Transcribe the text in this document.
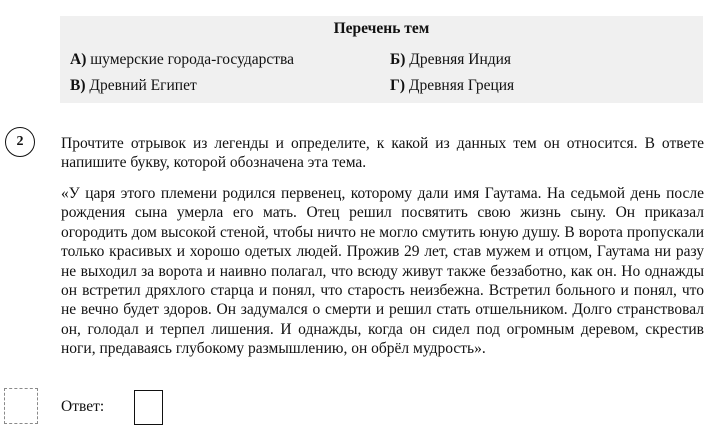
Перечень тем
А) шумерские города-государства	Б) Древняя Индия
В) Древний Египет	Г) Древняя Греция
2	Прочтите отрывок из легенды и определите, к какой из данных тем он относится. В ответе напишите букву, которой обозначена эта тема.

«У царя этого племени родился первенец, которому дали имя Гаутама. На седьмой день после рождения сына умерла его мать. Отец решил посвятить свою жизнь сыну. Он приказал огородить дом высокой стеной, чтобы ничто не могло смутить юную душу. В ворота пропускали только красивых и хорошо одетых людей. Прожив 29 лет, став мужем и отцом, Гаутама ни разу не выходил за ворота и наивно полагал, что всюду живут также беззаботно, как он. Но однажды он встретил дряхлого старца и понял, что старость неизбежна. Встретил больного и понял, что не вечно будет здоров. Он задумался о смерти и решил стать отшельником. Долго странствовал он, голодал и терпел лишения. И однажды, когда он сидел под огромным деревом, скрестив ноги, предаваясь глубокому размышлению, он обрёл мудрость».

Ответ:
